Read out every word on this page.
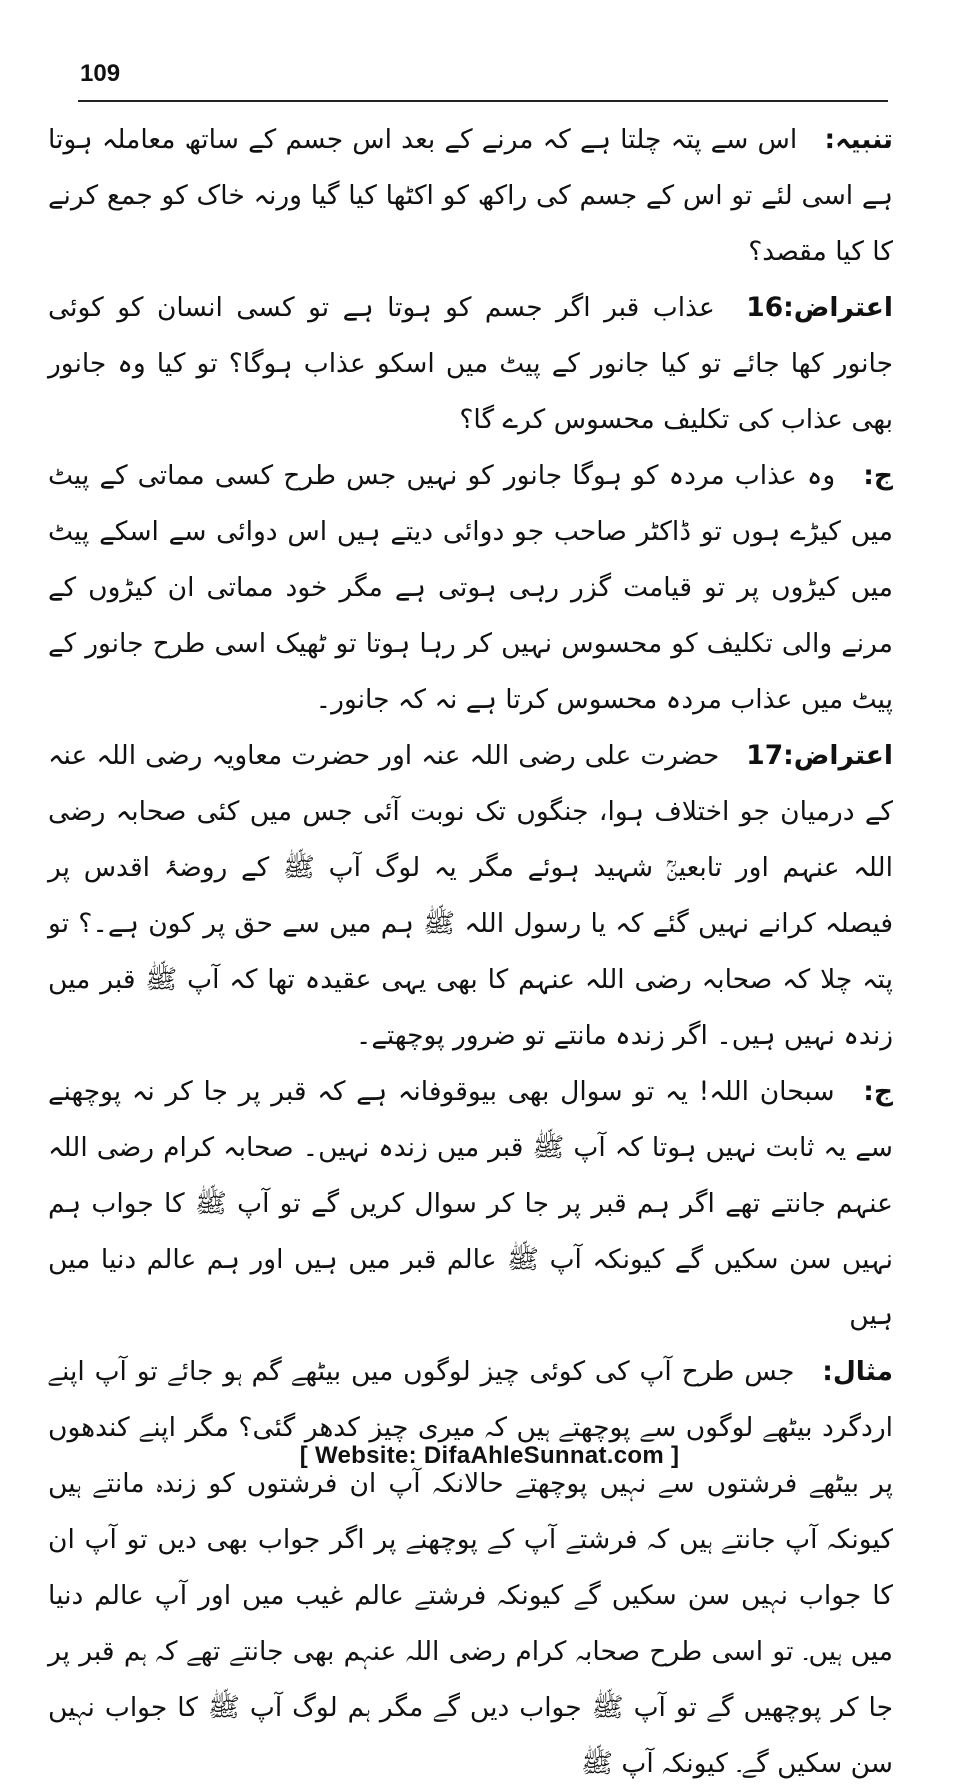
109

تنبیہ: اس سے پتہ چلتا ہے کہ مرنے کے بعد اس جسم کے ساتھ معاملہ ہوتا ہے اسی لئے تو اس کے جسم کی راکھ کو اکٹھا کیا گیا ورنہ خاک کو جمع کرنے کا کیا مقصد؟

اعتراض:16 عذاب قبر اگر جسم کو ہوتا ہے تو کسی انسان کو کوئی جانور کھا جائے تو کیا جانور کے پیٹ میں اسکو عذاب ہوگا؟ تو کیا وہ جانور بھی عذاب کی تکلیف محسوس کرے گا؟

ج: وہ عذاب مردہ کو ہوگا جانور کو نہیں جس طرح کسی مماتی کے پیٹ میں کیڑے ہوں تو ڈاکٹر صاحب جو دوائی دیتے ہیں اس دوائی سے اسکے پیٹ میں کیڑوں پر تو قیامت گزر رہی ہوتی ہے مگر خود مماتی ان کیڑوں کے مرنے والی تکلیف کو محسوس نہیں کر رہا ہوتا تو ٹھیک اسی طرح جانور کے پیٹ میں عذاب مردہ محسوس کرتا ہے نہ کہ جانور۔

اعتراض:17 حضرت علی رضی اللہ عنہ اور حضرت معاویہ رضی اللہ عنہ کے درمیان جو اختلاف ہوا، جنگوں تک نوبت آئی جس میں کئی صحابہ رضی اللہ عنہم اور تابعینؒ شہید ہوئے مگر یہ لوگ آپ ﷺ کے روضۂ اقدس پر فیصلہ کرانے نہیں گئے کہ یا رسول اللہ ﷺ ہم میں سے حق پر کون ہے۔؟ تو پتہ چلا کہ صحابہ رضی اللہ عنہم کا بھی یہی عقیدہ تھا کہ آپ ﷺ قبر میں زندہ نہیں ہیں۔ اگر زندہ مانتے تو ضرور پوچھتے۔

ج: سبحان اللہ! یہ تو سوال بھی بیوقوفانہ ہے کہ قبر پر جا کر نہ پوچھنے سے یہ ثابت نہیں ہوتا کہ آپ ﷺ قبر میں زندہ نہیں۔ صحابہ کرام رضی اللہ عنہم جانتے تھے اگر ہم قبر پر جا کر سوال کریں گے تو آپ ﷺ کا جواب ہم نہیں سن سکیں گے کیونکہ آپ ﷺ عالم قبر میں ہیں اور ہم عالم دنیا میں ہیں

مثال: جس طرح آپ کی کوئی چیز لوگوں میں بیٹھے گم ہو جائے تو آپ اپنے اردگرد بیٹھے لوگوں سے پوچھتے ہیں کہ میری چیز کدھر گئی؟ مگر اپنے کندھوں پر بیٹھے فرشتوں سے نہیں پوچھتے حالانکہ آپ ان فرشتوں کو زندہ مانتے ہیں کیونکہ آپ جانتے ہیں کہ فرشتے آپ کے پوچھنے پر اگر جواب بھی دیں تو آپ ان کا جواب نہیں سن سکیں گے کیونکہ فرشتے عالم غیب میں اور آپ عالم دنیا میں ہیں۔ تو اسی طرح صحابہ کرام رضی اللہ عنہم بھی جانتے تھے کہ ہم قبر پر جا کر پوچھیں گے تو آپ ﷺ جواب دیں گے مگر ہم لوگ آپ ﷺ کا جواب نہیں سن سکیں گے۔ کیونکہ آپ ﷺ

[ Website: DifaAhleSunnat.com ]
